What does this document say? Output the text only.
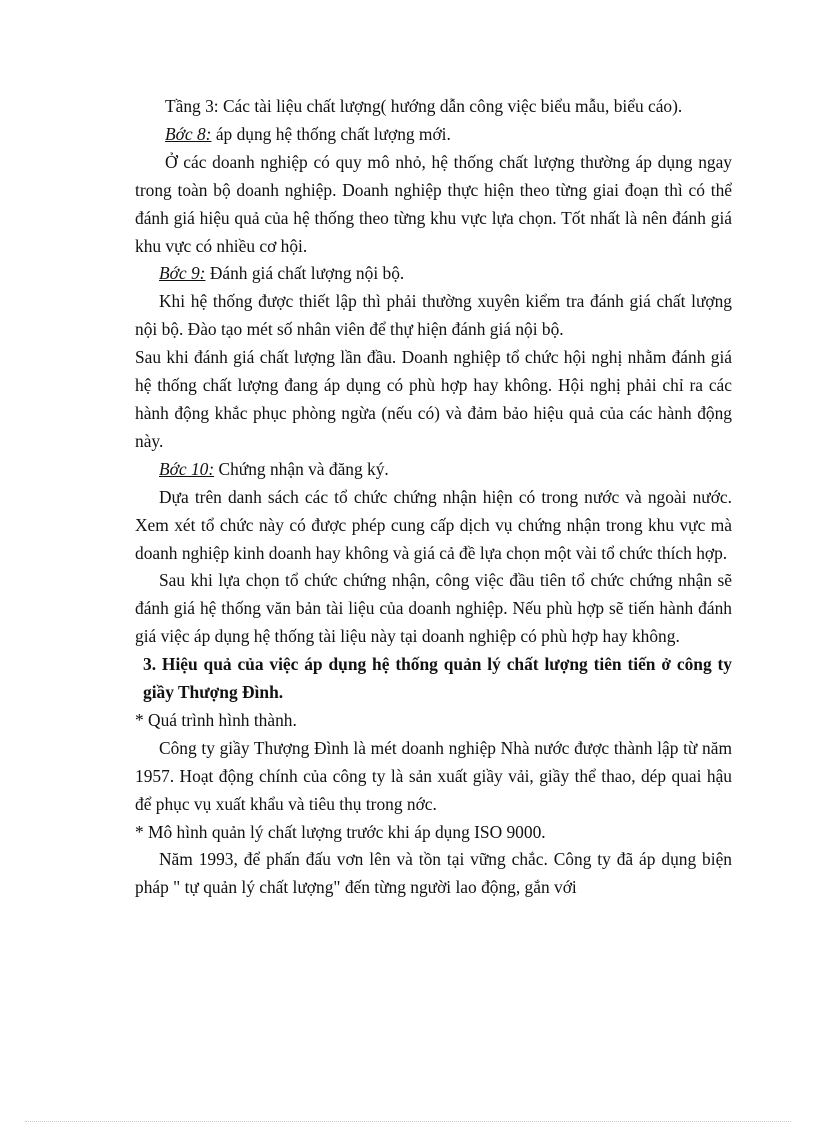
Tầng 3: Các tài liệu chất lượng( hướng dẫn công việc biểu mẫu, biểu cáo).

Bớc 8: áp dụng hệ thống chất lượng mới.

Ở các doanh nghiệp có quy mô nhỏ, hệ thống chất lượng thường áp dụng ngay trong toàn bộ doanh nghiệp. Doanh nghiệp thực hiện theo từng giai đoạn thì có thể đánh giá hiệu quả của hệ thống theo từng khu vực lựa chọn. Tốt nhất là nên đánh giá khu vực có nhiều cơ hội.

Bớc 9: Đánh giá chất lượng nội bộ.

Khi hệ thống được thiết lập thì phải thường xuyên kiểm tra đánh giá chất lượng nội bộ. Đào tạo mét số nhân viên để thự hiện đánh giá nội bộ.

Sau khi đánh giá chất lượng lần đầu. Doanh nghiệp tổ chức hội nghị nhằm đánh giá hệ thống chất lượng đang áp dụng có phù hợp hay không. Hội nghị phải chỉ ra các hành động khắc phục phòng ngừa (nếu có) và đảm bảo hiệu quả của các hành động này.

Bớc 10: Chứng nhận và đăng ký.

Dựa trên danh sách các tổ chức chứng nhận hiện có trong nước và ngoài nước. Xem xét tổ chức này có được phép cung cấp dịch vụ chứng nhận trong khu vực mà doanh nghiệp kinh doanh hay không và giá cả đề lựa chọn một vài tổ chức thích hợp.

Sau khi lựa chọn tổ chức chứng nhận, công việc đầu tiên tổ chức chứng nhận sẽ đánh giá hệ thống văn bản tài liệu của doanh nghiệp. Nếu phù hợp sẽ tiến hành đánh giá việc áp dụng hệ thống tài liệu này tại doanh nghiệp có phù hợp hay không.

3. Hiệu quả của việc áp dụng hệ thống quản lý chất lượng tiên tiến ở công ty giầy Thượng Đình.

* Quá trình hình thành.

Công ty giầy Thượng Đình là mét doanh nghiệp Nhà nước được thành lập từ năm 1957. Hoạt động chính của công ty là sản xuất giầy vải, giầy thể thao, dép quai hậu để phục vụ xuất khẩu và tiêu thụ trong nớc.

* Mô hình quản lý chất lượng trước khi áp dụng ISO 9000.

Năm 1993, để phấn đấu vơn lên và tồn tại vững chắc. Công ty đã áp dụng biện pháp " tự quản lý chất lượng" đến từng người lao động, gắn với
